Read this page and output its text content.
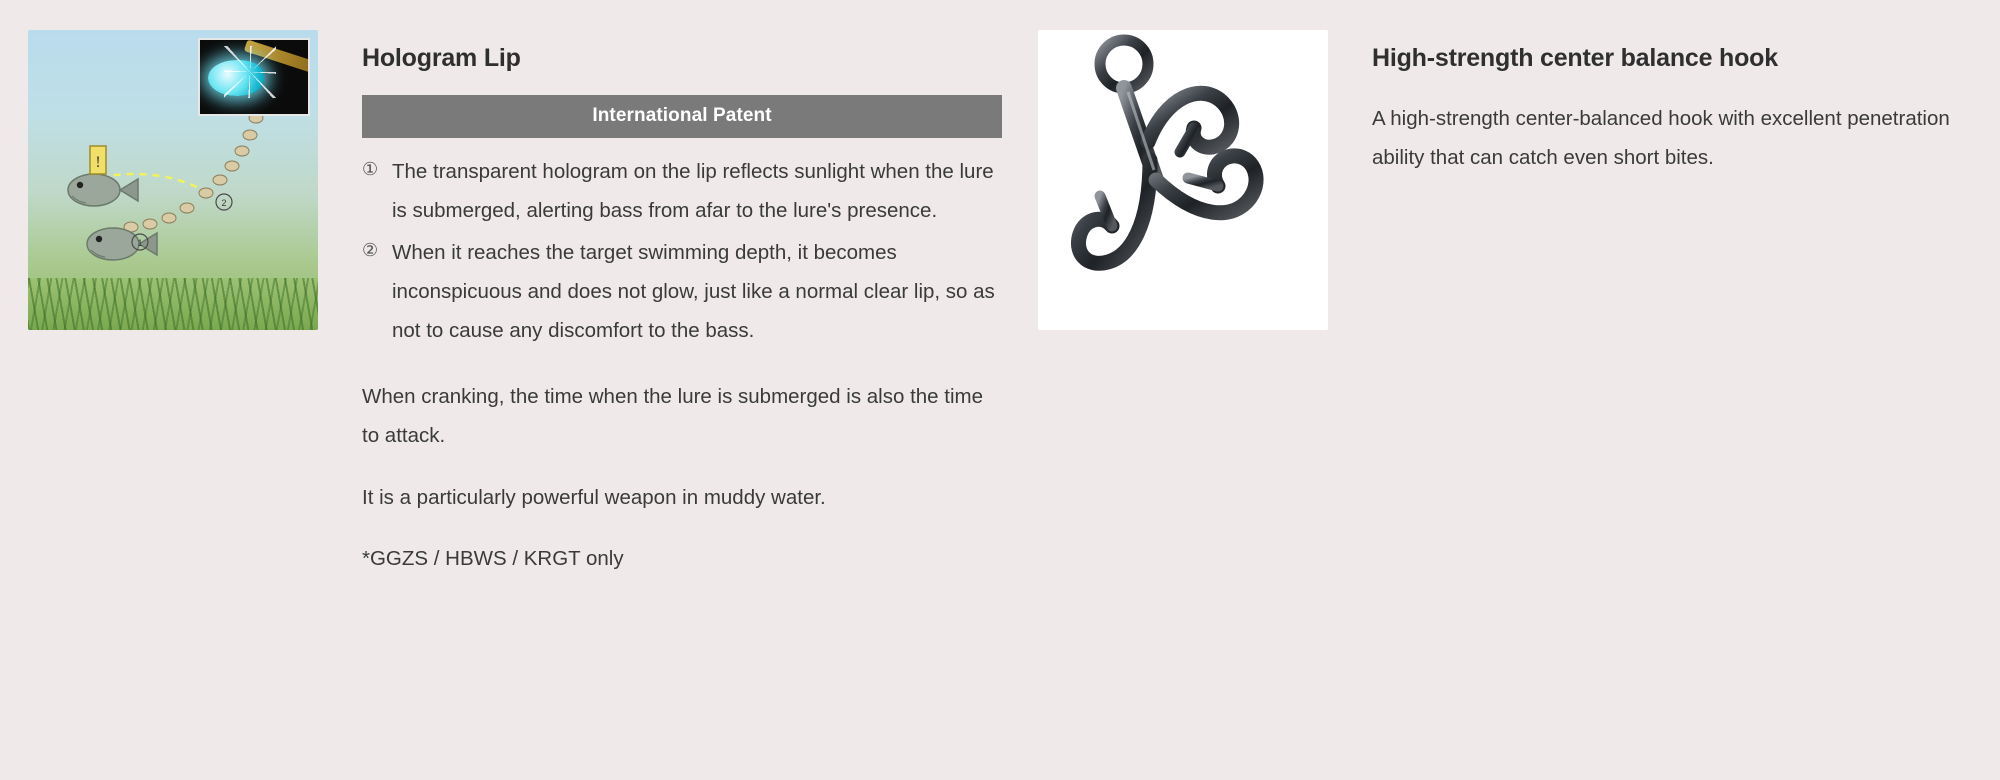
!
2
1
Hologram Lip
International Patent
① The transparent hologram on the lip reflects sunlight when the lure is submerged, alerting bass from afar to the lure's presence.
② When it reaches the target swimming depth, it becomes inconspicuous and does not glow, just like a normal clear lip, so as not to cause any discomfort to the bass.

When cranking, the time when the lure is submerged is also the time to attack.

It is a particularly powerful weapon in muddy water.

*GGZS / HBWS / KRGT only

High-strength center balance hook

A high-strength center-balanced hook with excellent penetration ability that can catch even short bites.
